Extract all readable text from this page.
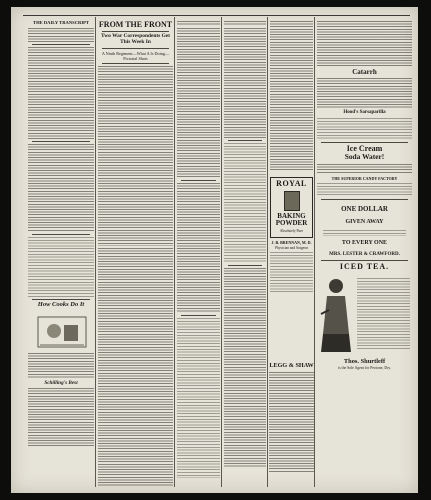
THE DAILY TRANSCRIPT
How Cooks Do It
Schilling's Best
FROM THE FRONT
Two War Correspondents Get This Week In
A Ninth Regiment—What A Is Doing—Pictorial Shots
ROYAL
BAKING
POWDER
Absolutely Pure
J. B. BRENNAN, M. D.
Physician and Surgeon
Catarrh
Hood's Sarsaparilla
Ice Cream
Soda Water!
THE SUPERIOR CANDY FACTORY
ONE DOLLAR
GIVEN AWAY
TO EVERY ONE
MRS. LESTER & CRAWFORD.
ICED TEA.
Thos. Shurtleff
is the Sole Agent for Peotone, Dry.
LEGG & SHAW
